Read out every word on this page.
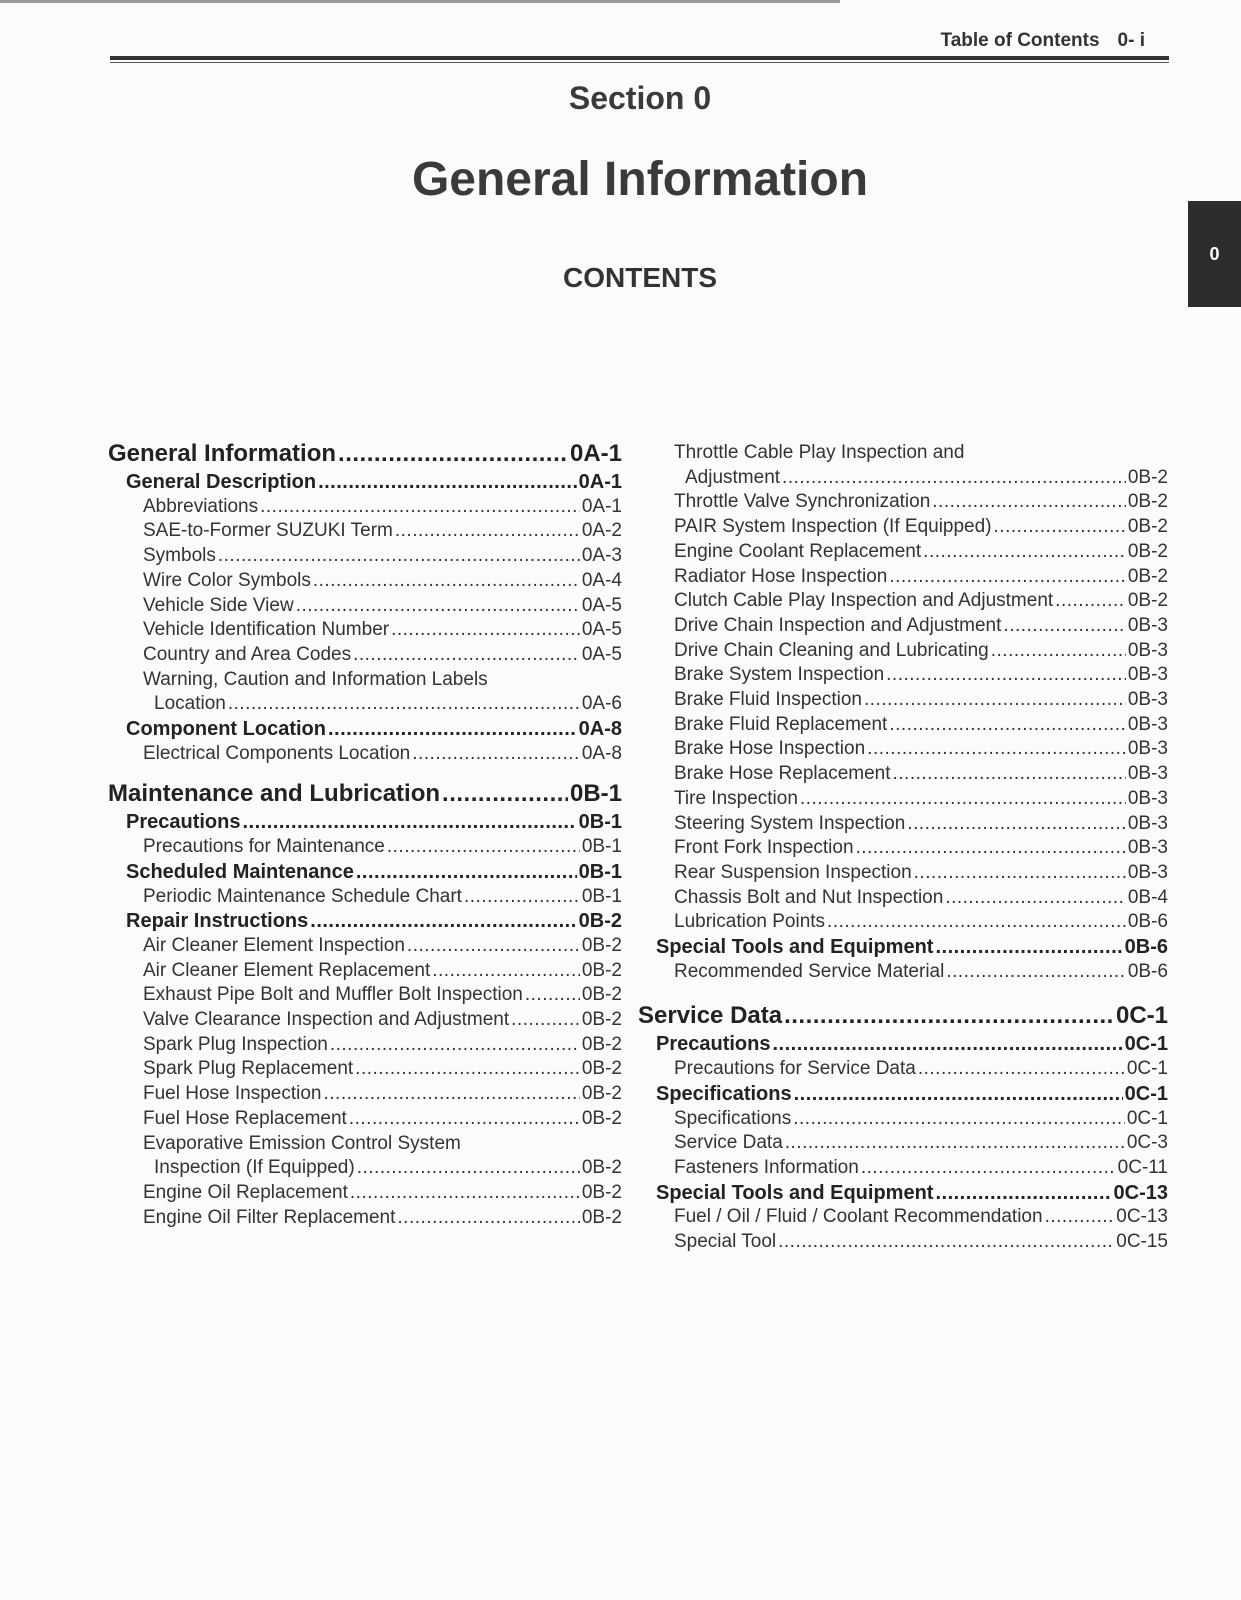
Table of Contents 0- i
Section 0
General Information
CONTENTS
0
General Information .....	0A-1
General Description .....	0A-1
Abbreviations .....	0A-1
SAE-to-Former SUZUKI Term .....	0A-2
Symbols .....	0A-3
Wire Color Symbols .....	0A-4
Vehicle Side View .....	0A-5
Vehicle Identification Number .....	0A-5
Country and Area Codes .....	0A-5
Warning, Caution and Information Labels
Location .....	0A-6
Component Location .....	0A-8
Electrical Components Location .....	0A-8
Maintenance and Lubrication .....	0B-1
Precautions .....	0B-1
Precautions for Maintenance .....	0B-1
Scheduled Maintenance .....	0B-1
Periodic Maintenance Schedule Chart .....	0B-1
Repair Instructions .....	0B-2
Air Cleaner Element Inspection .....	0B-2
Air Cleaner Element Replacement .....	0B-2
Exhaust Pipe Bolt and Muffler Bolt Inspection .....	0B-2
Valve Clearance Inspection and Adjustment .....	0B-2
Spark Plug Inspection .....	0B-2
Spark Plug Replacement .....	0B-2
Fuel Hose Inspection .....	0B-2
Fuel Hose Replacement .....	0B-2
Evaporative Emission Control System
Inspection (If Equipped) .....	0B-2
Engine Oil Replacement .....	0B-2
Engine Oil Filter Replacement .....	0B-2
Throttle Cable Play Inspection and
Adjustment .....	0B-2
Throttle Valve Synchronization .....	0B-2
PAIR System Inspection (If Equipped) .....	0B-2
Engine Coolant Replacement .....	0B-2
Radiator Hose Inspection .....	0B-2
Clutch Cable Play Inspection and Adjustment .....	0B-2
Drive Chain Inspection and Adjustment .....	0B-3
Drive Chain Cleaning and Lubricating .....	0B-3
Brake System Inspection .....	0B-3
Brake Fluid Inspection .....	0B-3
Brake Fluid Replacement .....	0B-3
Brake Hose Inspection .....	0B-3
Brake Hose Replacement .....	0B-3
Tire Inspection .....	0B-3
Steering System Inspection .....	0B-3
Front Fork Inspection .....	0B-3
Rear Suspension Inspection .....	0B-3
Chassis Bolt and Nut Inspection .....	0B-4
Lubrication Points .....	0B-6
Special Tools and Equipment .....	0B-6
Recommended Service Material .....	0B-6
Service Data .....	0C-1
Precautions .....	0C-1
Precautions for Service Data .....	0C-1
Specifications .....	0C-1
Specifications .....	0C-1
Service Data .....	0C-3
Fasteners Information .....	0C-11
Special Tools and Equipment .....	0C-13
Fuel / Oil / Fluid / Coolant Recommendation .....	0C-13
Special Tool .....	0C-15
